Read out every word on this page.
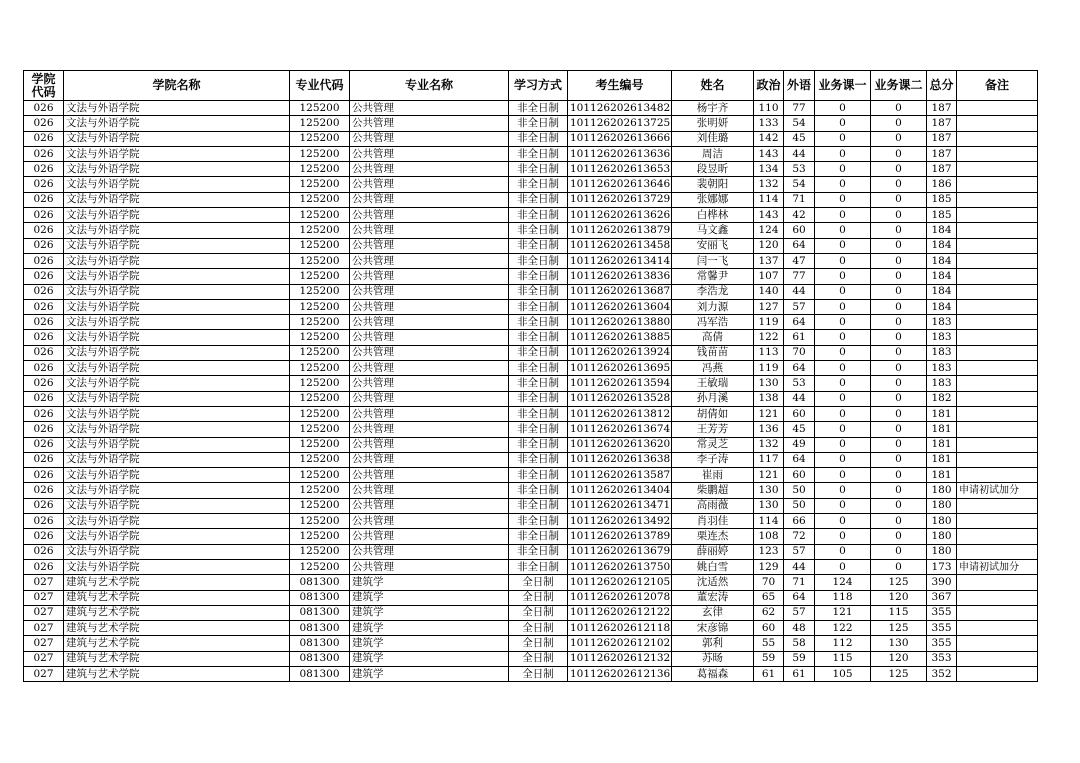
学院代码	学院名称	专业代码	专业名称	学习方式	考生编号	姓名	政治	外语	业务课一	业务课二	总分	备注
026	文法与外语学院	125200	公共管理	非全日制	101126202613482	杨宇齐	110	77	0	0	187	
026	文法与外语学院	125200	公共管理	非全日制	101126202613725	张明妍	133	54	0	0	187	
026	文法与外语学院	125200	公共管理	非全日制	101126202613666	刘佳璐	142	45	0	0	187	
026	文法与外语学院	125200	公共管理	非全日制	101126202613636	周洁	143	44	0	0	187	
026	文法与外语学院	125200	公共管理	非全日制	101126202613653	段昱昕	134	53	0	0	187	
026	文法与外语学院	125200	公共管理	非全日制	101126202613646	裴朝阳	132	54	0	0	186	
026	文法与外语学院	125200	公共管理	非全日制	101126202613729	张娜娜	114	71	0	0	185	
026	文法与外语学院	125200	公共管理	非全日制	101126202613626	白桦林	143	42	0	0	185	
026	文法与外语学院	125200	公共管理	非全日制	101126202613879	马文鑫	124	60	0	0	184	
026	文法与外语学院	125200	公共管理	非全日制	101126202613458	安丽飞	120	64	0	0	184	
026	文法与外语学院	125200	公共管理	非全日制	101126202613414	闫一飞	137	47	0	0	184	
026	文法与外语学院	125200	公共管理	非全日制	101126202613836	常馨尹	107	77	0	0	184	
026	文法与外语学院	125200	公共管理	非全日制	101126202613687	李浩龙	140	44	0	0	184	
026	文法与外语学院	125200	公共管理	非全日制	101126202613604	刘力源	127	57	0	0	184	
026	文法与外语学院	125200	公共管理	非全日制	101126202613880	冯军浩	119	64	0	0	183	
026	文法与外语学院	125200	公共管理	非全日制	101126202613885	高倩	122	61	0	0	183	
026	文法与外语学院	125200	公共管理	非全日制	101126202613924	钱苗苗	113	70	0	0	183	
026	文法与外语学院	125200	公共管理	非全日制	101126202613695	冯燕	119	64	0	0	183	
026	文法与外语学院	125200	公共管理	非全日制	101126202613594	王敏瑞	130	53	0	0	183	
026	文法与外语学院	125200	公共管理	非全日制	101126202613528	孙月溪	138	44	0	0	182	
026	文法与外语学院	125200	公共管理	非全日制	101126202613812	胡倩如	121	60	0	0	181	
026	文法与外语学院	125200	公共管理	非全日制	101126202613674	王芳芳	136	45	0	0	181	
026	文法与外语学院	125200	公共管理	非全日制	101126202613620	常灵芝	132	49	0	0	181	
026	文法与外语学院	125200	公共管理	非全日制	101126202613638	李子涛	117	64	0	0	181	
026	文法与外语学院	125200	公共管理	非全日制	101126202613587	崔雨	121	60	0	0	181	
026	文法与外语学院	125200	公共管理	非全日制	101126202613404	柴鹏超	130	50	0	0	180	申请初试加分
026	文法与外语学院	125200	公共管理	非全日制	101126202613471	高雨薇	130	50	0	0	180	
026	文法与外语学院	125200	公共管理	非全日制	101126202613492	肖羽佳	114	66	0	0	180	
026	文法与外语学院	125200	公共管理	非全日制	101126202613789	栗连杰	108	72	0	0	180	
026	文法与外语学院	125200	公共管理	非全日制	101126202613679	薛丽婷	123	57	0	0	180	
026	文法与外语学院	125200	公共管理	非全日制	101126202613750	姚白雪	129	44	0	0	173	申请初试加分
027	建筑与艺术学院	081300	建筑学	全日制	101126202612105	沈适然	70	71	124	125	390	
027	建筑与艺术学院	081300	建筑学	全日制	101126202612078	董宏涛	65	64	118	120	367	
027	建筑与艺术学院	081300	建筑学	全日制	101126202612122	玄律	62	57	121	115	355	
027	建筑与艺术学院	081300	建筑学	全日制	101126202612118	宋彦锦	60	48	122	125	355	
027	建筑与艺术学院	081300	建筑学	全日制	101126202612102	郭利	55	58	112	130	355	
027	建筑与艺术学院	081300	建筑学	全日制	101126202612132	苏旸	59	59	115	120	353	
027	建筑与艺术学院	081300	建筑学	全日制	101126202612136	葛福森	61	61	105	125	352	
